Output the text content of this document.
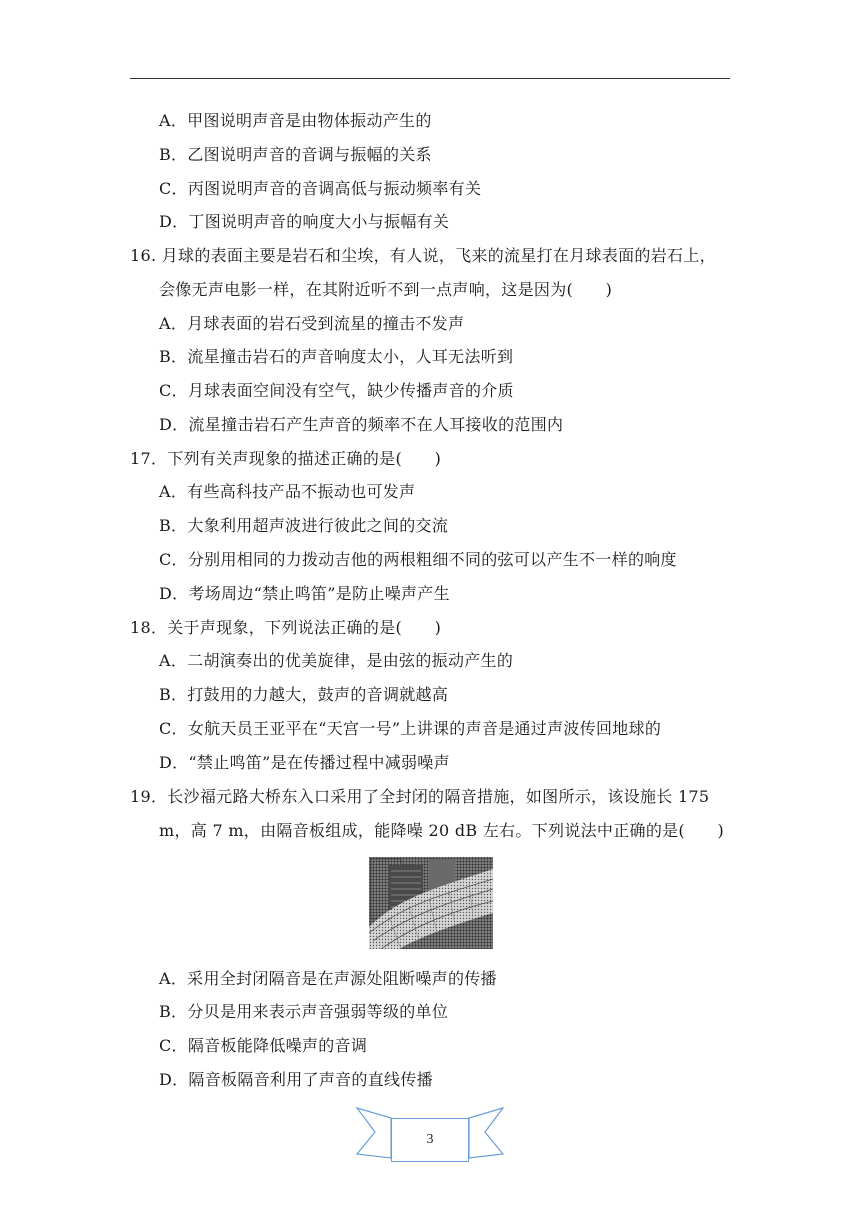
A．甲图说明声音是由物体振动产生的
B．乙图说明声音的音调与振幅的关系
C．丙图说明声音的音调高低与振动频率有关
D．丁图说明声音的响度大小与振幅有关
16. 月球的表面主要是岩石和尘埃，有人说，飞来的流星打在月球表面的岩石上，
会像无声电影一样，在其附近听不到一点声响，这是因为(　　)
A．月球表面的岩石受到流星的撞击不发声
B．流星撞击岩石的声音响度太小，人耳无法听到
C．月球表面空间没有空气，缺少传播声音的介质
D．流星撞击岩石产生声音的频率不在人耳接收的范围内
17．下列有关声现象的描述正确的是(　　)
A．有些高科技产品不振动也可发声
B．大象利用超声波进行彼此之间的交流
C．分别用相同的力拨动吉他的两根粗细不同的弦可以产生不一样的响度
D．考场周边“禁止鸣笛”是防止噪声产生
18．关于声现象，下列说法正确的是(　　)
A．二胡演奏出的优美旋律，是由弦的振动产生的
B．打鼓用的力越大，鼓声的音调就越高
C．女航天员王亚平在“天宫一号”上讲课的声音是通过声波传回地球的
D．“禁止鸣笛”是在传播过程中减弱噪声
19．长沙福元路大桥东入口采用了全封闭的隔音措施，如图所示，该设施长 175
m，高 7 m，由隔音板组成，能降噪 20 dB 左右。下列说法中正确的是(　　)
A．采用全封闭隔音是在声源处阻断噪声的传播
B．分贝是用来表示声音强弱等级的单位
C．隔音板能降低噪声的音调
D．隔音板隔音利用了声音的直线传播
3
